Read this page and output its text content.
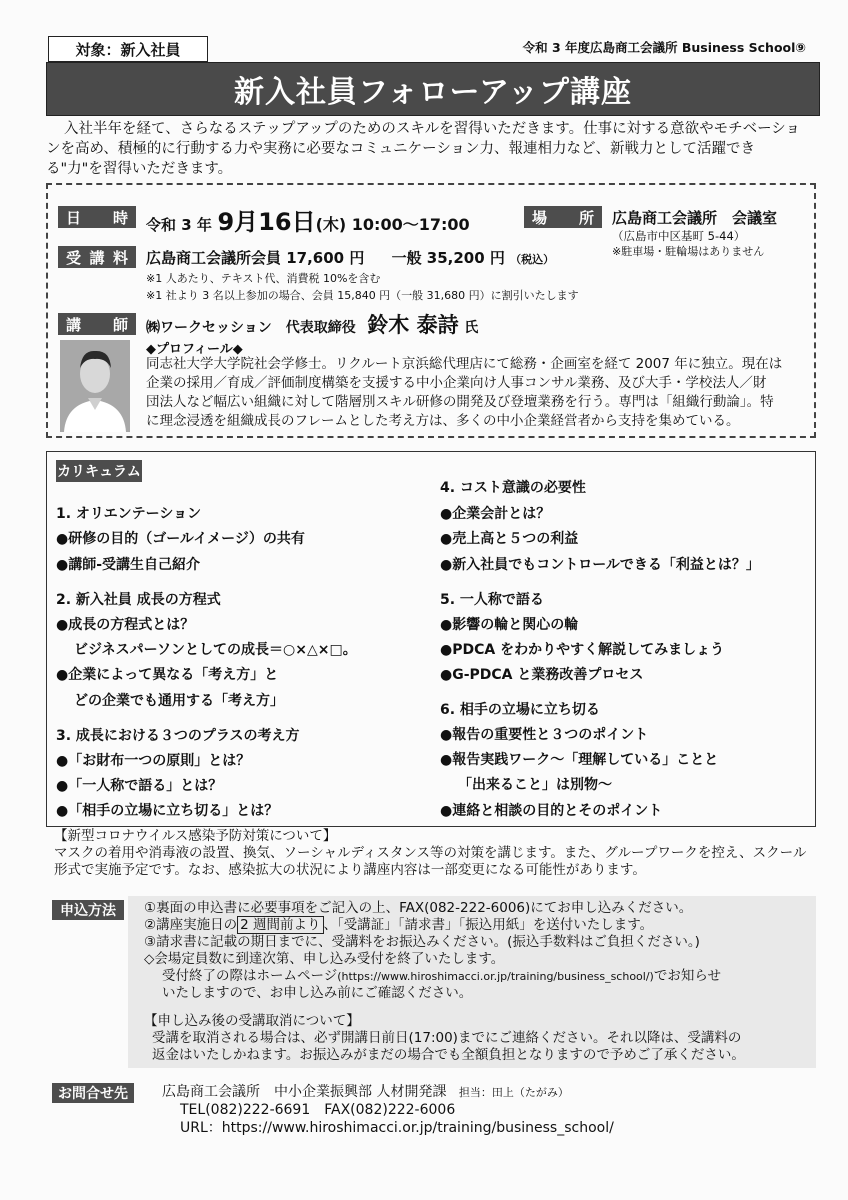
対象：新入社員	令和 3 年度広島商工会議所 Business School⑨
新入社員フォローアップ講座
入社半年を経て、さらなるステップアップのためのスキルを習得いただきます。仕事に対する意欲やモチベーションを高め、積極的に行動する力や実務に必要なコミュニケーション力、報連相力など、新戦力として活躍できる"力"を習得いただきます。
日 時 令和 3 年 9月16日(木) 10:00～17:00	場 所 広島商工会議所　会議室
（広島市中区基町 5-44）
※駐車場・駐輪場はありません
受 講 料 広島商工会議所会員 17,600 円 一般 35,200 円 （税込）
※1 人あたり、テキスト代、消費税 10%を含む
※1 社より 3 名以上参加の場合、会員 15,840 円（一般 31,680 円）に割引いたします
講 師 ㈱ワークセッション　代表取締役 鈴木 泰詩 氏
◆プロフィール◆
同志社大学大学院社会学修士。リクルート京浜総代理店にて総務・企画室を経て 2007 年に独立。現在は
企業の採用／育成／評価制度構築を支援する中小企業向け人事コンサル業務、及び大手・学校法人／財
団法人など幅広い組織に対して階層別スキル研修の開発及び登壇業務を行う。専門は「組織行動論」。特
に理念浸透を組織成長のフレームとした考え方は、多くの中小企業経営者から支持を集めている。
カリキュラム
1. オリエンテーション
●研修の目的（ゴールイメージ）の共有
●講師-受講生自己紹介
2. 新入社員 成長の方程式
●成長の方程式とは？
ビジネスパーソンとしての成長＝○×△×□。
●企業によって異なる「考え方」と
どの企業でも通用する「考え方」
3. 成長における３つのプラスの考え方
●「お財布一つの原則」とは？
●「一人称で語る」とは？
●「相手の立場に立ち切る」とは？
4. コスト意識の必要性
●企業会計とは？
●売上高と５つの利益
●新入社員でもコントロールできる「利益とは？」
5. 一人称で語る
●影響の輪と関心の輪
●PDCA をわかりやすく解説してみましょう
●G-PDCA と業務改善プロセス
6. 相手の立場に立ち切る
●報告の重要性と３つのポイント
●報告実践ワーク～「理解している」ことと
「出来ること」は別物～
●連絡と相談の目的とそのポイント
【新型コロナウイルス感染予防対策について】
マスクの着用や消毒液の設置、換気、ソーシャルディスタンス等の対策を講じます。また、グループワークを控え、スクール
形式で実施予定です。なお、感染拡大の状況により講座内容は一部変更になる可能性があります。
申込方法	①裏面の申込書に必要事項をご記入の上、FAX(082-222-6006)にてお申し込みください。
②講座実施日の 2 週間前より 、「受講証」「請求書」「振込用紙」を送付いたします。
③請求書に記載の期日までに、受講料をお振込みください。(振込手数料はご負担ください。)
◇会場定員数に到達次第、申し込み受付を終了いたします。
受付終了の際はホームページ(https://www.hiroshimacci.or.jp/training/business_school/)でお知らせ
いたしますので、お申し込み前にご確認ください。
【申し込み後の受講取消について】
受講を取消される場合は、必ず開講日前日(17:00)までにご連絡ください。それ以降は、受講料の
返金はいたしかねます。お振込みがまだの場合でも全額負担となりますので予めご了承ください。
お問合せ先	広島商工会議所　中小企業振興部 人材開発課 担当：田上（たがみ）
TEL(082)222-6691　FAX(082)222-6006
URL：https://www.hiroshimacci.or.jp/training/business_school/
